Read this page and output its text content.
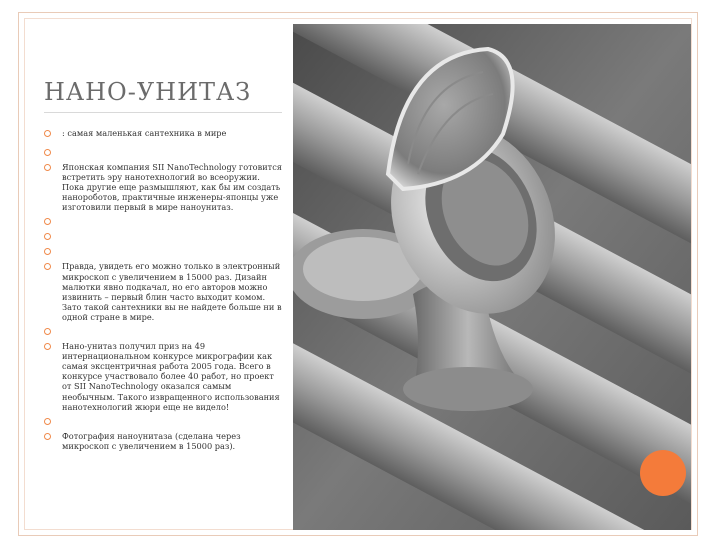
НАНО-УНИТАЗ
: самая маленькая сантехника в мире
Японская компания SII NanoTechnology готовится встретить эру нанотехнологий во всеоружии. Пока другие еще размышляют, как бы им создать нанороботов, практичные инженеры-японцы уже изготовили первый в мире наноунитаз.
Правда, увидеть его можно только в электронный микроскоп с увеличением в 15000 раз. Дизайн малютки явно подкачал, но его авторов можно извинить – первый блин часто выходит комом. Зато такой сантехники вы не найдете больше ни в одной стране в мире.
Нано-унитаз получил приз на 49 интернациональном конкурсе микрографии как самая эксцентричная работа 2005 года. Всего в конкурсе участвовало более 40 работ, но проект от SII NanoTechnology оказался самым необычным. Такого извращенного использования нанотехнологий жюри еще не видело!
Фотография наноунитаза (сделана через микроскоп с увеличением в 15000 раз).
